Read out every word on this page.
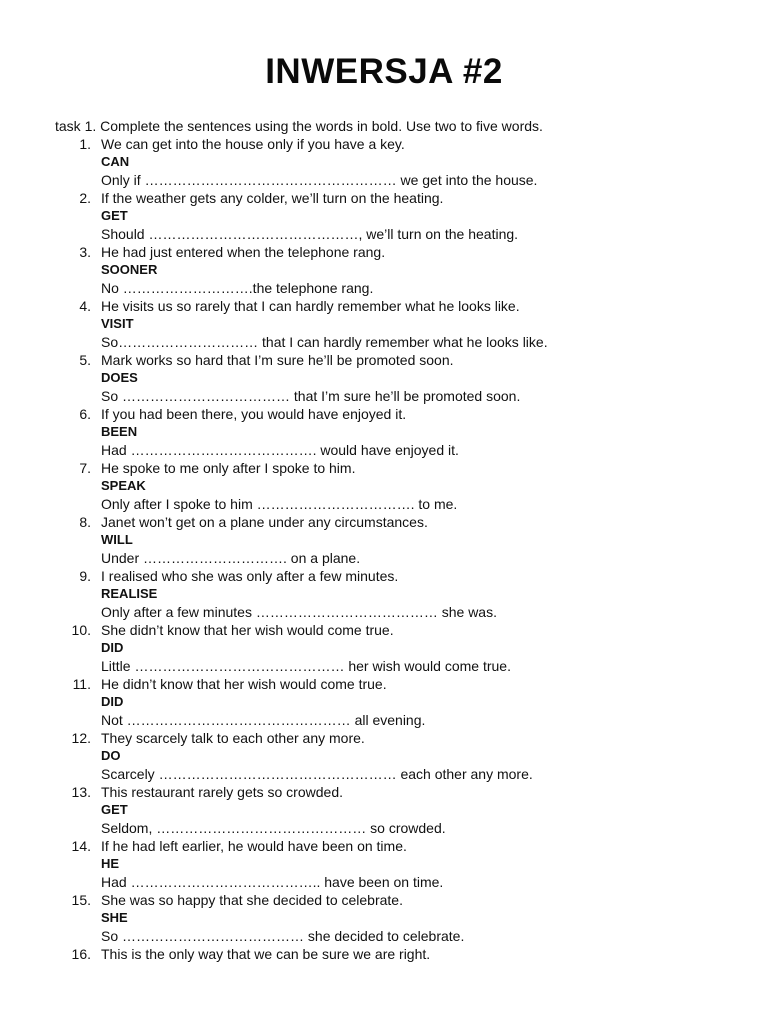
INWERSJA #2
task 1. Complete the sentences using the words in bold. Use two to five words.
1. We can get into the house only if you have a key.
CAN
Only if ……………………………………………… we get into the house.
2. If the weather gets any colder, we’ll turn on the heating.
GET
Should ………………………………………, we’ll turn on the heating.
3. He had just entered when the telephone rang.
SOONER
No ……………………….the telephone rang.
4. He visits us so rarely that I can hardly remember what he looks like.
VISIT
So………………………… that I can hardly remember what he looks like.
5. Mark works so hard that I’m sure he’ll be promoted soon.
DOES
So ……………………………… that I’m sure he’ll be promoted soon.
6. If you had been there, you would have enjoyed it.
BEEN
Had …………………………………. would have enjoyed it.
7. He spoke to me only after I spoke to him.
SPEAK
Only after I spoke to him ……………………………. to me.
8. Janet won’t get on a plane under any circumstances.
WILL
Under …………………………. on a plane.
9. I realised who she was only after a few minutes.
REALISE
Only after a few minutes ………………………………… she was.
10. She didn’t know that her wish would come true.
DID
Little ……………………………………… her wish would come true.
11. He didn’t know that her wish would come true.
DID
Not ………………………………………… all evening.
12. They scarcely talk to each other any more.
DO
Scarcely …………………………………………… each other any more.
13. This restaurant rarely gets so crowded.
GET
Seldom, ……………………………………… so crowded.
14. If he had left earlier, he would have been on time.
HE
Had ………………………………….. have been on time.
15. She was so happy that she decided to celebrate.
SHE
So ………………………………… she decided to celebrate.
16. This is the only way that we can be sure we are right.
